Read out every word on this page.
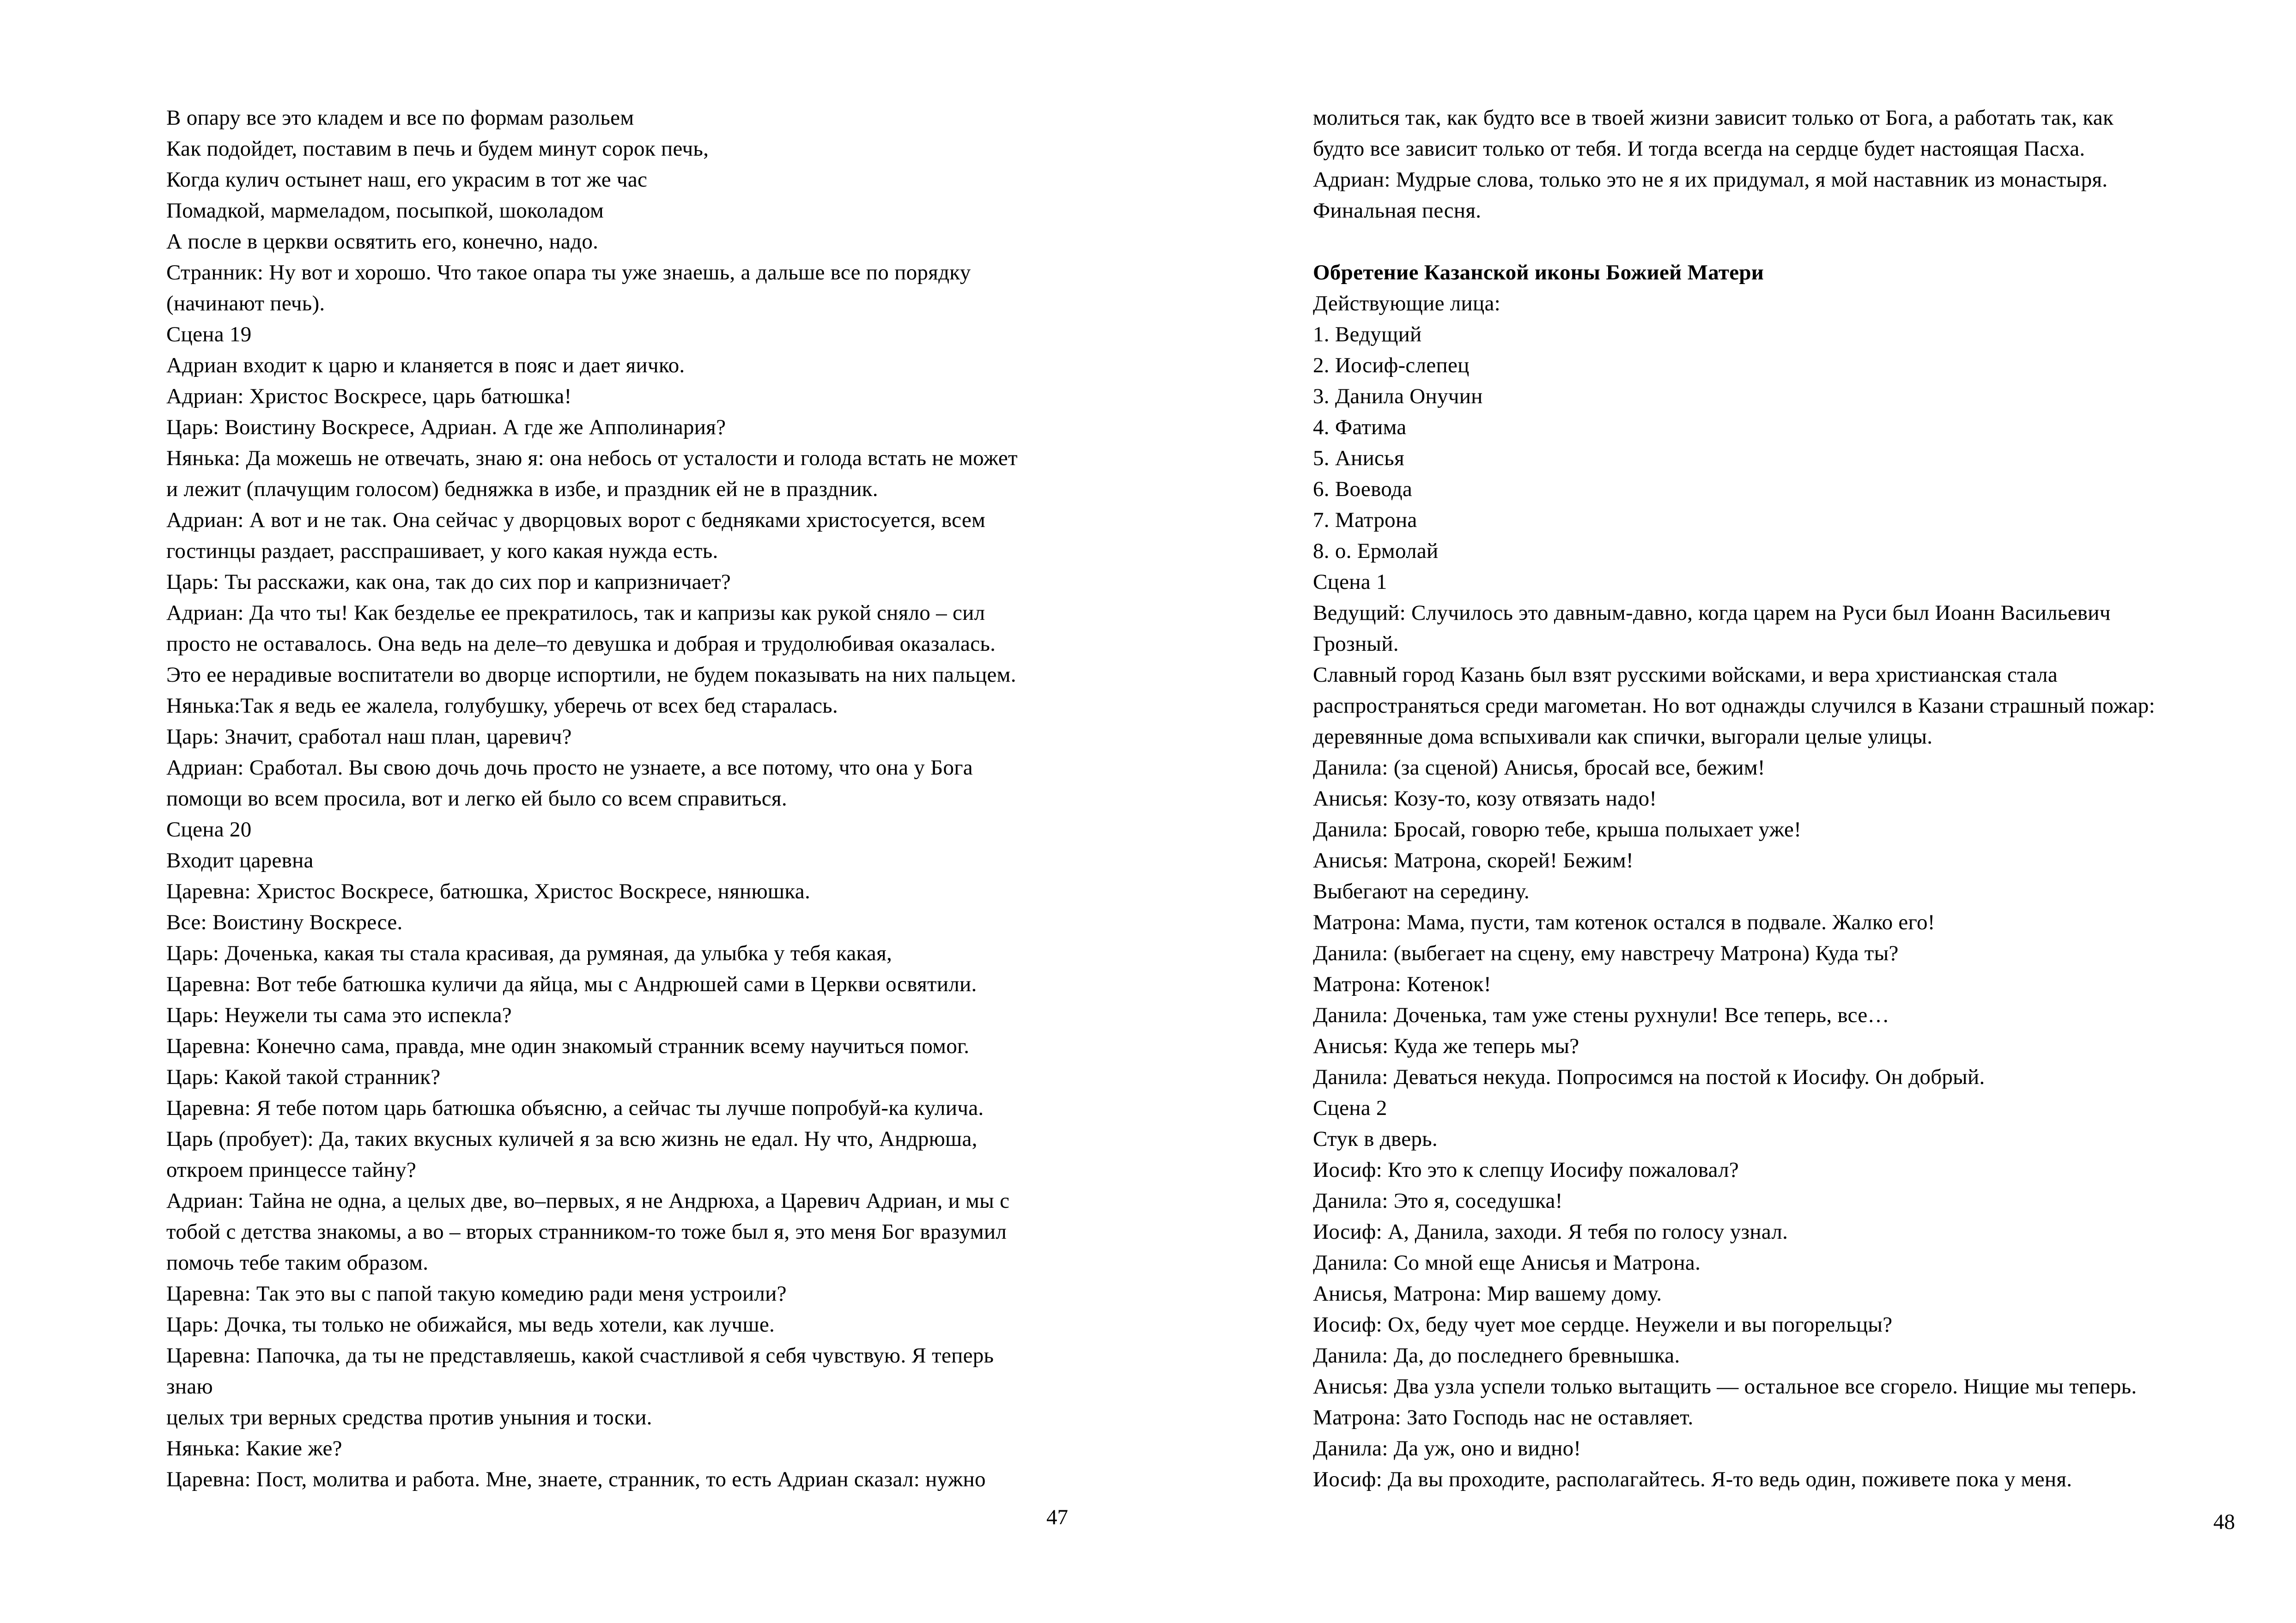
В опару все это кладем и все по формам разольем
Как подойдет, поставим в печь и будем минут сорок печь,
Когда кулич остынет наш, его украсим в тот же час
Помадкой, мармеладом, посыпкой, шоколадом
А после в церкви освятить его, конечно, надо.
Странник: Ну вот и хорошо. Что такое опара ты уже знаешь, а дальше все по порядку
(начинают печь).
Сцена 19
Адриан входит к царю и кланяется в пояс и дает яичко.
Адриан: Христос Воскресе, царь батюшка!
Царь: Воистину Воскресе, Адриан. А где же Апполинария?
Нянька: Да можешь не отвечать, знаю я: она небось от усталости и голода встать не может
и лежит (плачущим голосом) бедняжка в избе, и праздник ей не в праздник.
Адриан: А вот и не так. Она сейчас у дворцовых ворот с бедняками христосуется, всем
гостинцы раздает, расспрашивает, у кого какая нужда есть.
Царь: Ты расскажи, как она, так до сих пор и капризничает?
Адриан: Да что ты! Как безделье ее прекратилось, так и капризы как рукой сняло – сил
просто не оставалось. Она ведь на деле–то девушка и добрая и трудолюбивая оказалась.
Это ее нерадивые воспитатели во дворце испортили, не будем показывать на них пальцем.
Нянька:Так я ведь ее жалела, голубушку, уберечь от всех бед старалась.
Царь: Значит, сработал наш план, царевич?
Адриан: Сработал. Вы свою дочь дочь просто не узнаете, а все потому, что она у Бога
помощи во всем просила, вот и легко ей было со всем справиться.
Сцена 20
Входит царевна
Царевна: Христос Воскресе, батюшка, Христос Воскресе, нянюшка.
Все: Воистину Воскресе.
Царь: Доченька, какая ты стала красивая, да румяная, да улыбка у тебя какая,
Царевна: Вот тебе батюшка куличи да яйца, мы с Андрюшей сами в Церкви освятили.
Царь: Неужели ты сама это испекла?
Царевна: Конечно сама, правда, мне один знакомый странник всему научиться помог.
Царь: Какой такой странник?
Царевна: Я тебе потом царь батюшка объясню, а сейчас ты лучше попробуй-ка кулича.
Царь (пробует): Да, таких вкусных куличей я за всю жизнь не едал. Ну что, Андрюша,
откроем принцессе тайну?
Адриан: Тайна не одна, а целых две, во–первых, я не Андрюха, а Царевич Адриан, и мы с
тобой с детства знакомы, а во – вторых странником-то тоже был я, это меня Бог вразумил
помочь тебе таким образом.
Царевна: Так это вы с папой такую комедию ради меня устроили?
Царь: Дочка, ты только не обижайся, мы ведь хотели, как лучше.
Царевна: Папочка, да ты не представляешь, какой счастливой я себя чувствую. Я теперь
знаю
целых три верных средства против уныния и тоски.
Нянька: Какие же?
Царевна: Пост, молитва и работа. Мне, знаете, странник, то есть Адриан сказал: нужно
47
молиться так, как будто все в твоей жизни зависит только от Бога, а работать так, как
будто все зависит только от тебя. И тогда всегда на сердце будет настоящая Пасха.
Адриан: Мудрые слова, только это не я их придумал, я мой наставник из монастыря.
Финальная песня.

Обретение Казанской иконы Божией Матери
Действующие лица:
1. Ведущий
2. Иосиф-слепец
3. Данила Онучин
4. Фатима
5. Анисья
6. Воевода
7. Матрона
8. о. Ермолай
Сцена 1
Ведущий: Случилось это давным-давно, когда царем на Руси был Иоанн Васильевич
Грозный.
Славный город Казань был взят русскими войсками, и вера христианская стала
распространяться среди магометан. Но вот однажды случился в Казани страшный пожар:
деревянные дома вспыхивали как спички, выгорали целые улицы.
Данила: (за сценой) Анисья, бросай все, бежим!
Анисья: Козу-то, козу отвязать надо!
Данила: Бросай, говорю тебе, крыша полыхает уже!
Анисья: Матрона, скорей! Бежим!
Выбегают на середину.
Матрона: Мама, пусти, там котенок остался в подвале. Жалко его!
Данила: (выбегает на сцену, ему навстречу Матрона) Куда ты?
Матрона: Котенок!
Данила: Доченька, там уже стены рухнули! Все теперь, все…
Анисья: Куда же теперь мы?
Данила: Деваться некуда. Попросимся на постой к Иосифу. Он добрый.
Сцена 2
Стук в дверь.
Иосиф: Кто это к слепцу Иосифу пожаловал?
Данила: Это я, соседушка!
Иосиф: А, Данила, заходи. Я тебя по голосу узнал.
Данила: Со мной еще Анисья и Матрона.
Анисья, Матрона: Мир вашему дому.
Иосиф: Ох, беду чует мое сердце. Неужели и вы погорельцы?
Данила: Да, до последнего бревнышка.
Анисья: Два узла успели только вытащить — остальное все сгорело. Нищие мы теперь.
Матрона: Зато Господь нас не оставляет.
Данила: Да уж, оно и видно!
Иосиф: Да вы проходите, располагайтесь. Я-то ведь один, поживете пока у меня.
48
